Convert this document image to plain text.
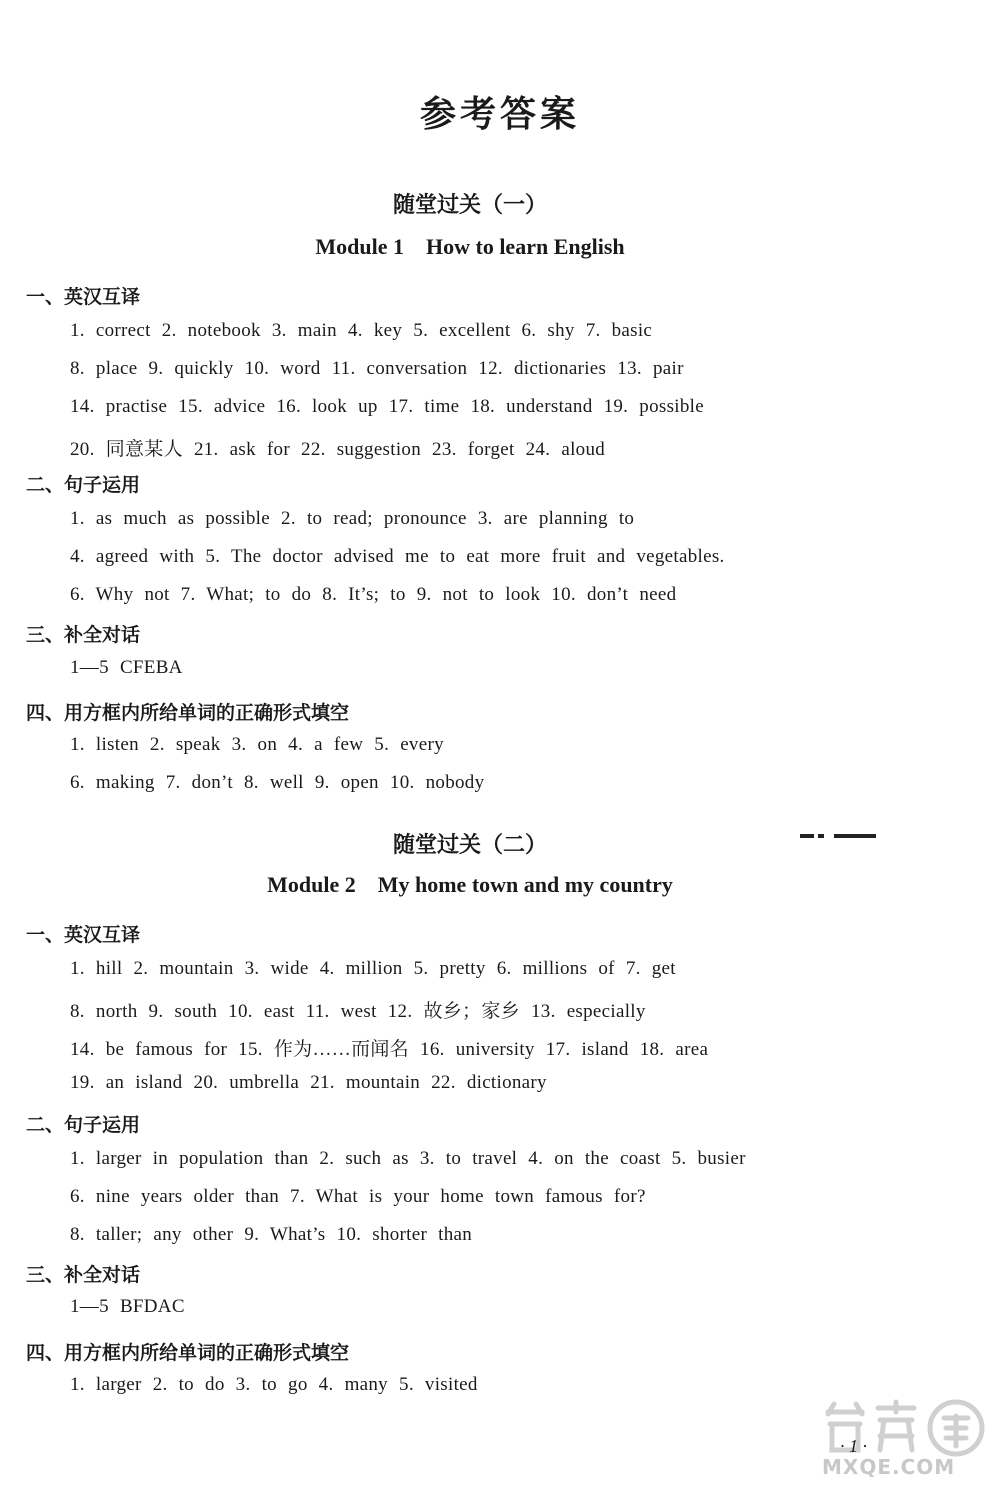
参考答案
随堂过关（一）
Module 1　How to learn English
一、英汉互译
1. correct 2. notebook 3. main 4. key 5. excellent 6. shy 7. basic
8. place 9. quickly 10. word 11. conversation 12. dictionaries 13. pair
14. practise 15. advice 16. look up 17. time 18. understand 19. possible
20. 同意某人 21. ask for 22. suggestion 23. forget 24. aloud
二、句子运用
1. as much as possible 2. to read; pronounce 3. are planning to
4. agreed with 5. The doctor advised me to eat more fruit and vegetables.
6. Why not 7. What; to do 8. It’s; to 9. not to look 10. don’t need
三、补全对话
1—5 CFEBA
四、用方框内所给单词的正确形式填空
1. listen 2. speak 3. on 4. a few 5. every
6. making 7. don’t 8. well 9. open 10. nobody
随堂过关（二）
Module 2　My home town and my country
一、英汉互译
1. hill 2. mountain 3. wide 4. million 5. pretty 6. millions of 7. get
8. north 9. south 10. east 11. west 12. 故乡；家乡 13. especially
14. be famous for 15. 作为……而闻名 16. university 17. island 18. area
19. an island 20. umbrella 21. mountain 22. dictionary
二、句子运用
1. larger in population than 2. such as 3. to travel 4. on the coast 5. busier
6. nine years older than 7. What is your home town famous for?
8. taller; any other 9. What’s 10. shorter than
三、补全对话
1—5 BFDAC
四、用方框内所给单词的正确形式填空
1. larger 2. to do 3. to go 4. many 5. visited
MXQE.COM
· 1 ·
